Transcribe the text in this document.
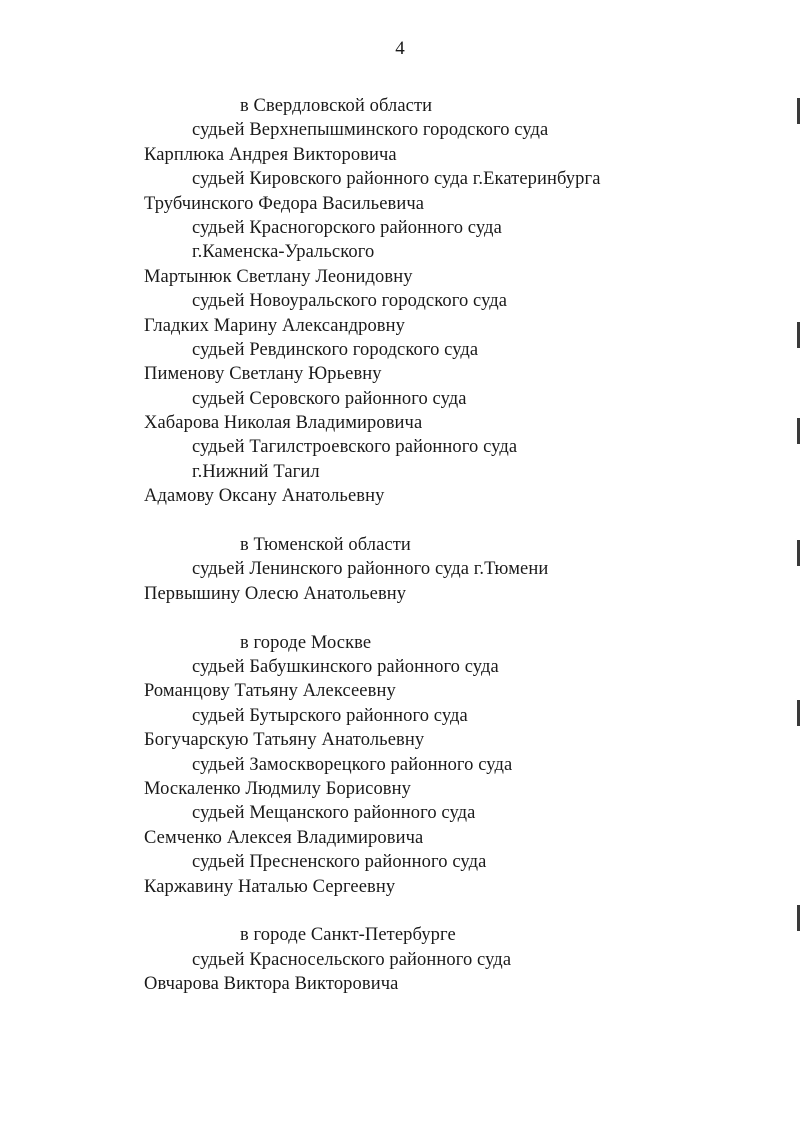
4
в Свердловской области
судьей Верхнепышминского городского суда
Карплюка Андрея Викторовича
судьей Кировского районного суда г.Екатеринбурга
Трубчинского Федора Васильевича
судьей Красногорского районного суда
г.Каменска-Уральского
Мартынюк Светлану Леонидовну
судьей Новоуральского городского суда
Гладких Марину Александровну
судьей Ревдинского городского суда
Пименову Светлану Юрьевну
судьей Серовского районного суда
Хабарова Николая Владимировича
судьей Тагилстроевского районного суда
г.Нижний Тагил
Адамову Оксану Анатольевну
в Тюменской области
судьей Ленинского районного суда г.Тюмени
Первышину Олесю Анатольевну
в городе Москве
судьей Бабушкинского районного суда
Романцову Татьяну Алексеевну
судьей Бутырского районного суда
Богучарскую Татьяну Анатольевну
судьей Замоскворецкого районного суда
Москаленко Людмилу Борисовну
судьей Мещанского районного суда
Семченко Алексея Владимировича
судьей Пресненского районного суда
Каржавину Наталью Сергеевну
в городе Санкт-Петербурге
судьей Красносельского районного суда
Овчарова Виктора Викторовича
